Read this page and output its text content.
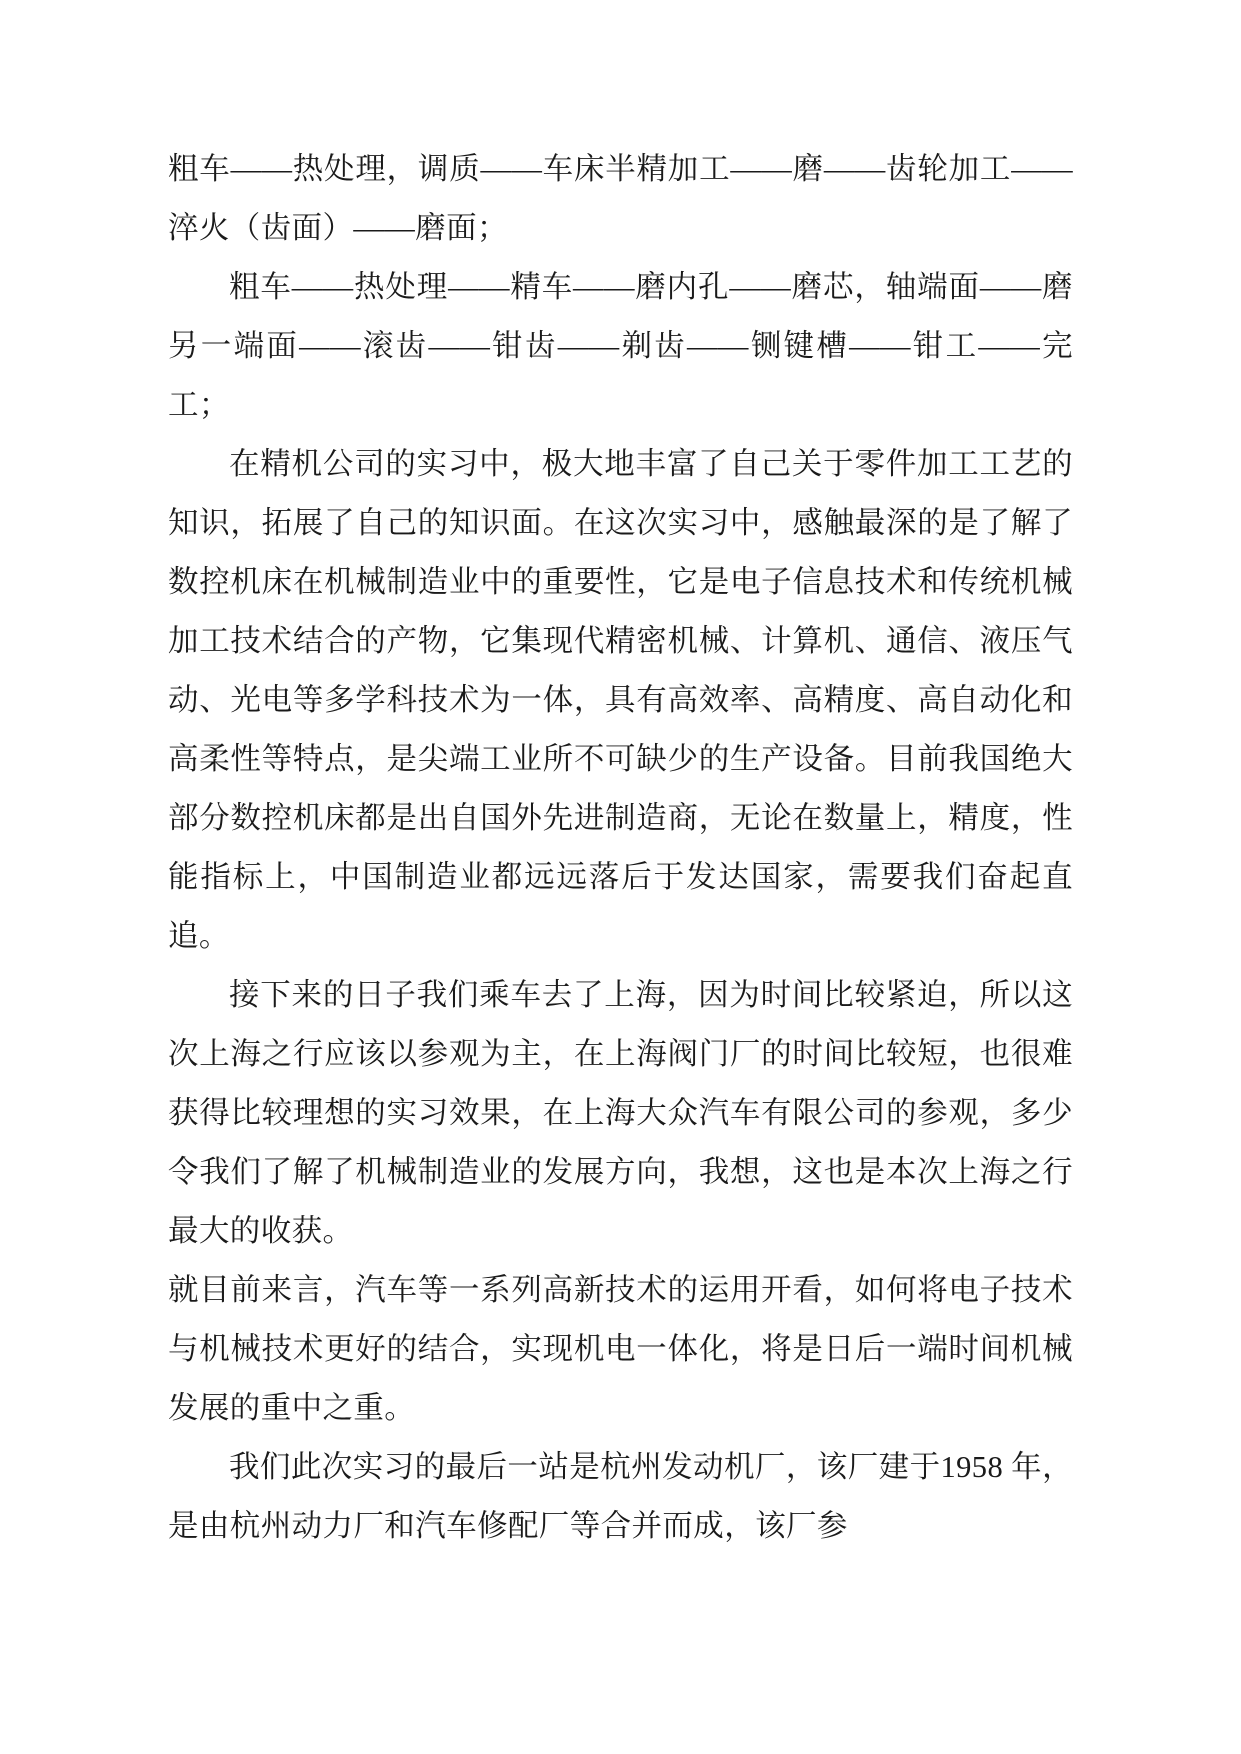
粗车——热处理，调质——车床半精加工——磨——齿轮加工——淬火（齿面）——磨面；

粗车——热处理——精车——磨内孔——磨芯，轴端面——磨另一端面——滚齿——钳齿——剃齿——铡键槽——钳工——完工；

在精机公司的实习中，极大地丰富了自己关于零件加工工艺的知识，拓展了自己的知识面。在这次实习中，感触最深的是了解了数控机床在机械制造业中的重要性，它是电子信息技术和传统机械加工技术结合的产物，它集现代精密机械、计算机、通信、液压气动、光电等多学科技术为一体，具有高效率、高精度、高自动化和高柔性等特点，是尖端工业所不可缺少的生产设备。目前我国绝大部分数控机床都是出自国外先进制造商，无论在数量上，精度，性能指标上，中国制造业都远远落后于发达国家，需要我们奋起直追。

接下来的日子我们乘车去了上海，因为时间比较紧迫，所以这次上海之行应该以参观为主，在上海阀门厂的时间比较短，也很难获得比较理想的实习效果，在上海大众汽车有限公司的参观，多少令我们了解了机械制造业的发展方向，我想，这也是本次上海之行最大的收获。

就目前来言，汽车等一系列高新技术的运用开看，如何将电子技术与机械技术更好的结合，实现机电一体化，将是日后一端时间机械发展的重中之重。

我们此次实习的最后一站是杭州发动机厂，该厂建于1958 年，是由杭州动力厂和汽车修配厂等合并而成，该厂参
